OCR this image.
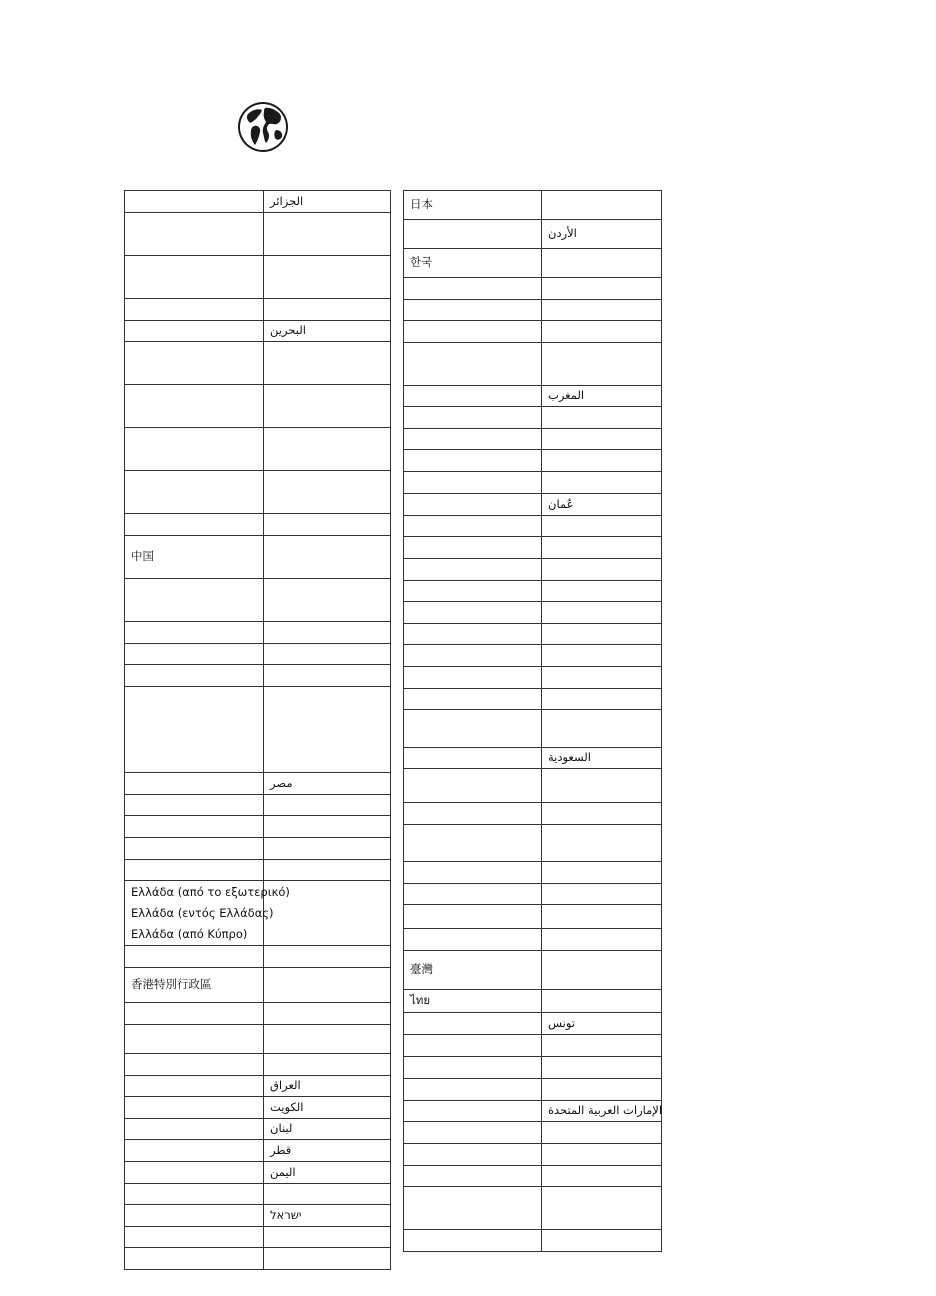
	الجزائر

	البحرين

中国	

	مصر

Ελλάδα (από το εξωτερικό)
Ελλάδα (εντός Ελλάδας)
Ελλάδα (από Κύπρο)	

香港特別行政區	

	العراق

	الكويت

	لبنان

	قطر

	اليمن

	ישראל

日本	

	الأردن

한국	

	المغرب

	عُمان

	السعودية

臺灣	

ไทย	

	تونس

	الإمارات العربية المتحدة
